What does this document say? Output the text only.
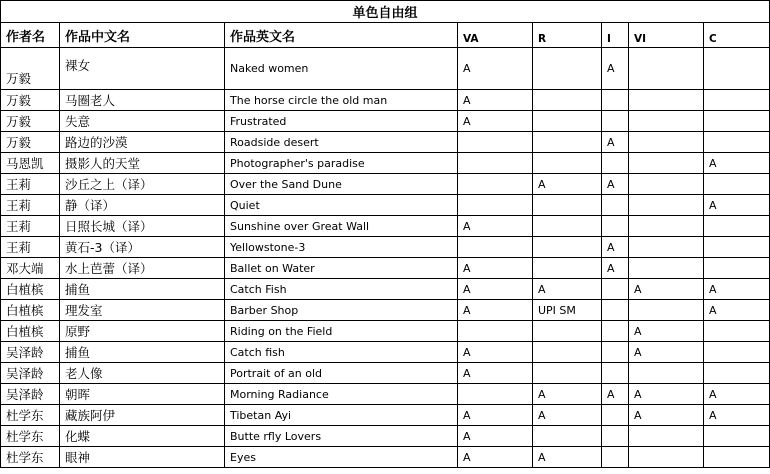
单色自由组							
作者名	作品中文名	作品英文名	VA	R	I	VI	C
万毅	裸女	Naked women	A		A		
万毅	马圈老人	The horse circle the old man	A				
万毅	失意	Frustrated	A				
万毅	路边的沙漠	Roadside desert			A		
马恩凯	摄影人的天堂	Photographer's paradise					A
王莉	沙丘之上（译）	Over the Sand Dune		A	A		
王莉	静（译）	Quiet					A
王莉	日照长城（译）	Sunshine over Great Wall	A				
王莉	黄石-3（译）	Yellowstone-3			A		
邓大端	水上芭蕾（译）	Ballet on Water	A		A		
白植槟	捕鱼	Catch Fish	A	A		A	A
白植槟	理发室	Barber Shop	A	UPI SM			A
白植槟	原野	Riding on the Field				A	
吴泽龄	捕鱼	Catch fish	A			A	
吴泽龄	老人像	Portrait of an old	A				
吴泽龄	朝晖	Morning Radiance		A	A	A	A
杜学东	藏族阿伊	Tibetan Ayi	A	A		A	A
杜学东	化蝶	Butte rfly Lovers	A				
杜学东	眼神	Eyes	A	A			
